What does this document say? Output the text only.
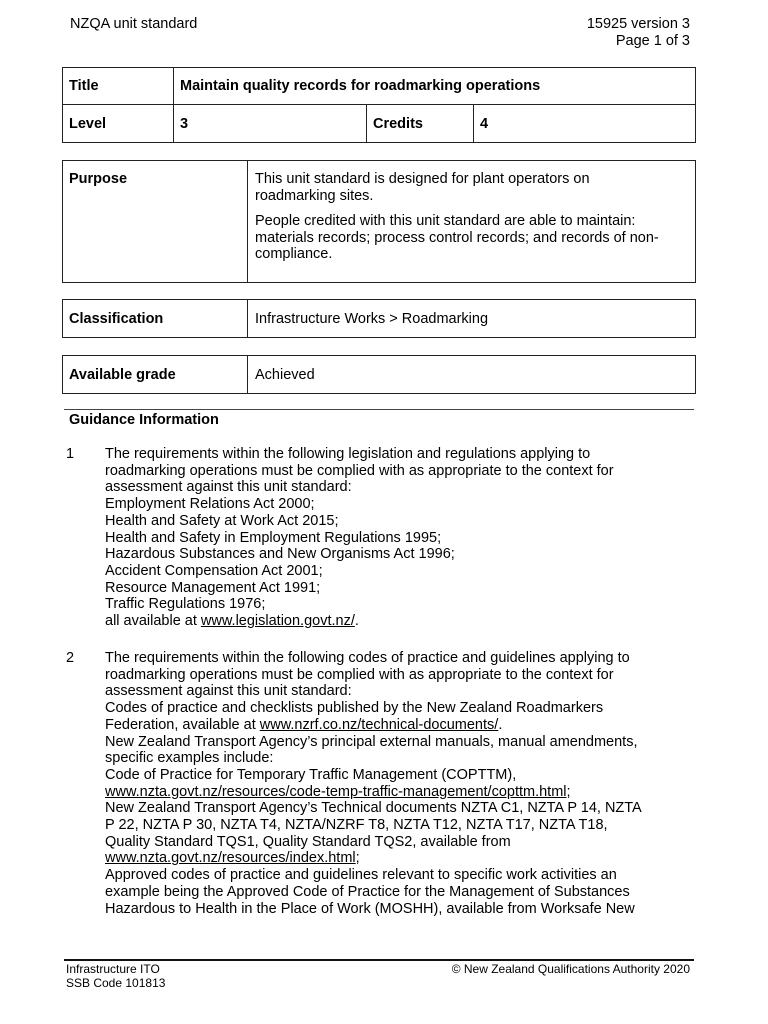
NZQA unit standard	15925 version 3
Page 1 of 3
Title	Maintain quality records for roadmarking operations		
Level	3	Credits	4
Purpose	This unit standard is designed for plant operators on
roadmarking sites.
People credited with this unit standard are able to maintain:
materials records; process control records; and records of non-
compliance.
Classification	Infrastructure Works > Roadmarking
Available grade	Achieved
Guidance Information
1	The requirements within the following legislation and regulations applying to
roadmarking operations must be complied with as appropriate to the context for
assessment against this unit standard:
Employment Relations Act 2000;
Health and Safety at Work Act 2015;
Health and Safety in Employment Regulations 1995;
Hazardous Substances and New Organisms Act 1996;
Accident Compensation Act 2001;
Resource Management Act 1991;
Traffic Regulations 1976;
all available at www.legislation.govt.nz/.
2	The requirements within the following codes of practice and guidelines applying to
roadmarking operations must be complied with as appropriate to the context for
assessment against this unit standard:
Codes of practice and checklists published by the New Zealand Roadmarkers
Federation, available at www.nzrf.co.nz/technical-documents/.
New Zealand Transport Agency’s principal external manuals, manual amendments,
specific examples include:
Code of Practice for Temporary Traffic Management (COPTTM),
www.nzta.govt.nz/resources/code-temp-traffic-management/copttm.html;
New Zealand Transport Agency’s Technical documents NZTA C1, NZTA P 14, NZTA
P 22, NZTA P 30, NZTA T4, NZTA/NZRF T8, NZTA T12, NZTA T17, NZTA T18,
Quality Standard TQS1, Quality Standard TQS2, available from
www.nzta.govt.nz/resources/index.html;
Approved codes of practice and guidelines relevant to specific work activities an
example being the Approved Code of Practice for the Management of Substances
Hazardous to Health in the Place of Work (MOSHH), available from Worksafe New
Infrastructure ITO
SSB Code 101813
© New Zealand Qualifications Authority 2020
